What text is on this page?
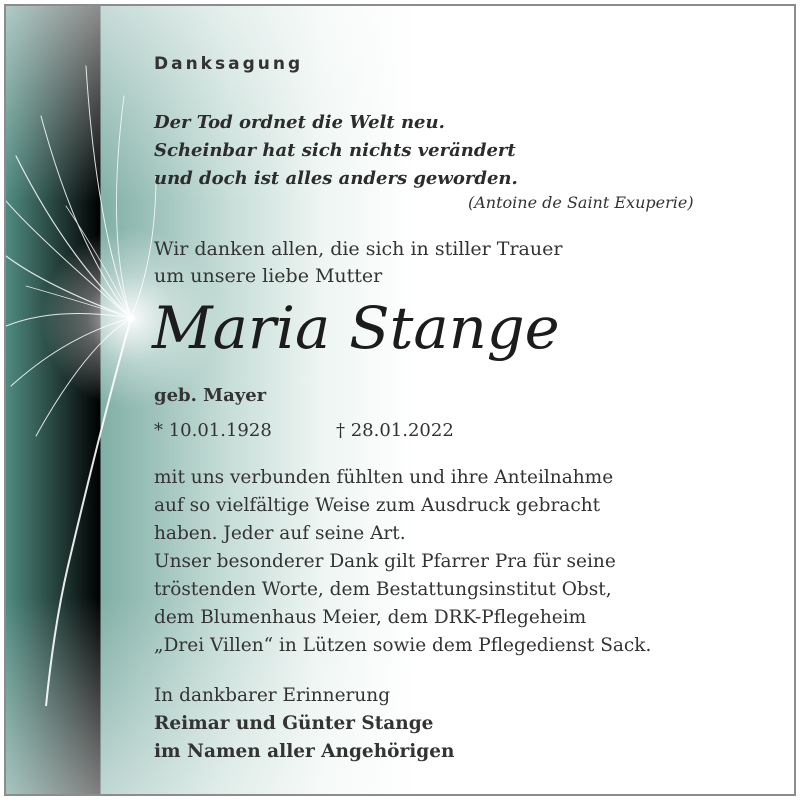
Danksagung
Der Tod ordnet die Welt neu.
Scheinbar hat sich nichts verändert
und doch ist alles anders geworden.
(Antoine de Saint Exuperie)
Wir danken allen, die sich in stiller Trauer
um unsere liebe Mutter
Maria Stange
geb. Mayer
* 10.01.1928	† 28.01.2022
mit uns verbunden fühlten und ihre Anteilnahme
auf so vielfältige Weise zum Ausdruck gebracht
haben. Jeder auf seine Art.
Unser besonderer Dank gilt Pfarrer Pra für seine
tröstenden Worte, dem Bestattungsinstitut Obst,
dem Blumenhaus Meier, dem DRK-Pflegeheim
„Drei Villen“ in Lützen sowie dem Pflegedienst Sack.
In dankbarer Erinnerung
Reimar und Günter Stange
im Namen aller Angehörigen
